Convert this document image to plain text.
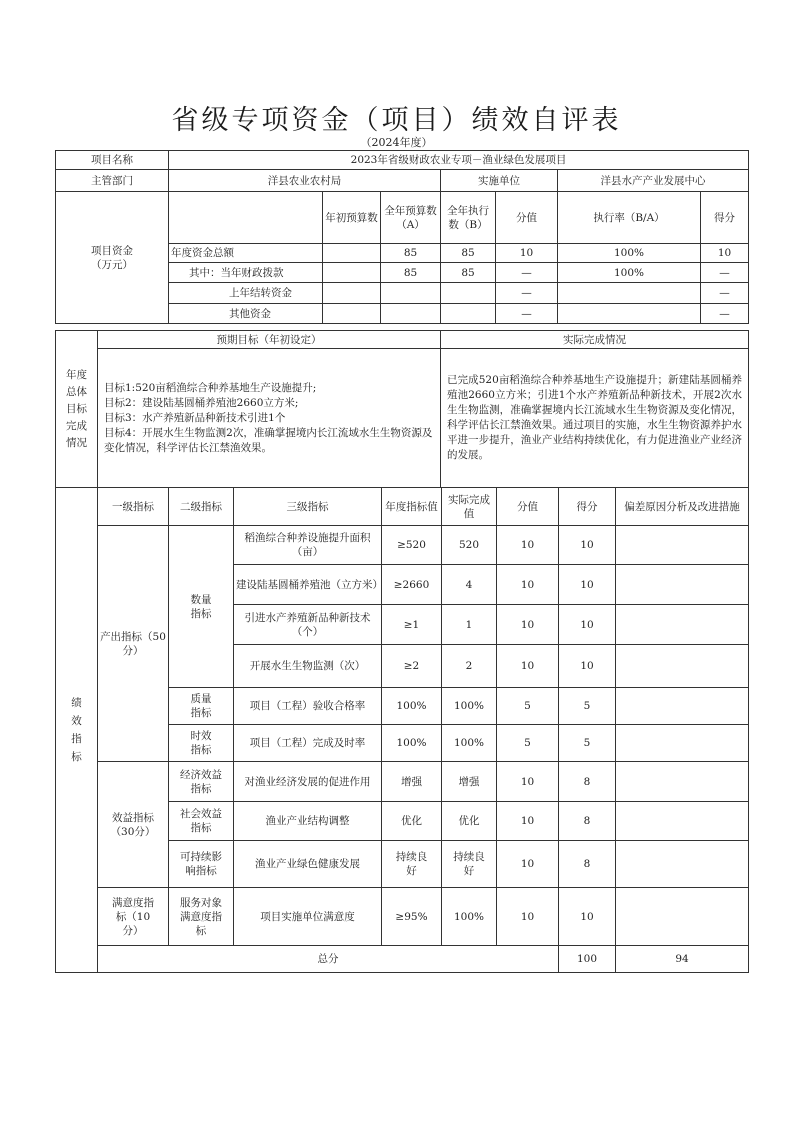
省级专项资金（项目）绩效自评表
（2024年度）
项目名称	2023年省级财政农业专项－渔业绿色发展项目						
主管部门	洋县农业农村局			实施单位		洋县水产产业发展中心	
项目资金
（万元）		年初预算数	全年预算数（A）	全年执行数（B）	分值	执行率（B/A）	得分
	年度资金总额		85	85	10	100%	10
	其中：当年财政拨款		85	85	—	100%	—
	上年结转资金				—		—
	其他资金				—		—
年度总体目标完成情况	预期目标（年初设定）	实际完成情况

	目标1:520亩稻渔综合种养基地生产设施提升;
目标2：建设陆基圆桶养殖池2660立方米;
目标3：水产养殖新品种新技术引进1个
目标4：开展水生生物监测2次，准确掌握境内长江流域水生生物资源及变化情况，科学评估长江禁渔效果。	已完成520亩稻渔综合种养基地生产设施提升；新建陆基圆桶养殖池2660立方米；引进1个水产养殖新品种新技术，开展2次水生生物监测，准确掌握境内长江流域水生生物资源及变化情况，科学评估长江禁渔效果。通过项目的实施，水生生物资源养护水平进一步提升，渔业产业结构持续优化，有力促进渔业产业经济的发展。
绩效指标	一级指标	二级指标	三级指标	年度指标值	实际完成值	分值	得分	偏差原因分析及改进措施	
	产出指标（50分）	数量指标	稻渔综合种养设施提升面积（亩）	≥520	520	10	10		
			建设陆基圆桶养殖池（立方米）	≥2660	4	10	10		
			引进水产养殖新品种新技术（个）	≥1	1	10	10		
			开展水生生物监测（次）	≥2	2	10	10		
		质量指标	项目（工程）验收合格率	100%	100%	5	5		
		时效指标	项目（工程）完成及时率	100%	100%	5	5		
	效益指标（30分）	经济效益指标	对渔业经济发展的促进作用	增强	增强	10	8		
		社会效益指标	渔业产业结构调整	优化	优化	10	8		
		可持续影响指标	渔业产业绿色健康发展	持续良好	持续良好	10	8		
	满意度指标（10分）	服务对象满意度指标	项目实施单位满意度	≥95%	100%	10	10		

	总分						100	94	
